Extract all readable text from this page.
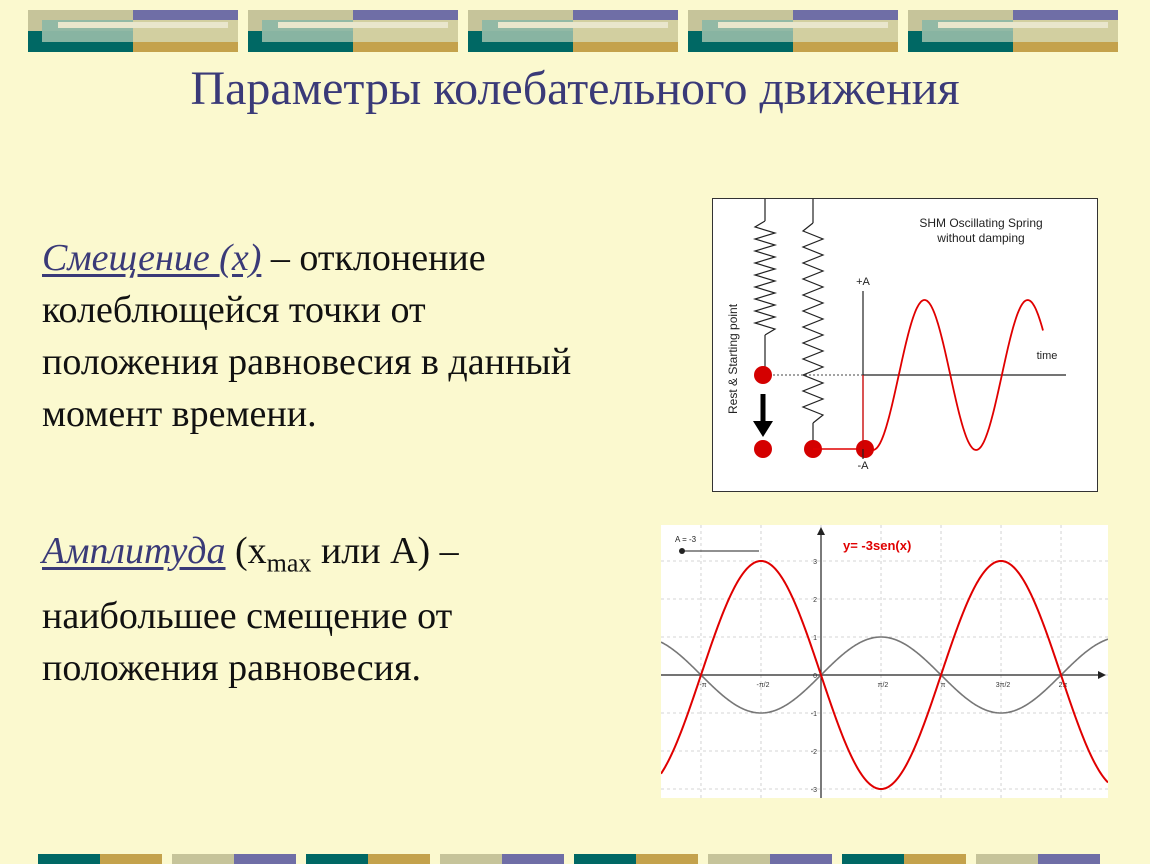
Параметры колебательного движения
Смещение (х) – отклонение
колеблющейся точки от
положения равновесия в данный
момент времени.
Амплитуда ($x_{max}$ или А) –
наибольшее смещение от
положения равновесия.
SHM Oscillating Spring
without damping
Rest & Starting point
+A
-A
time
3
2
1
0
-1
-2
-3
-π	-π/2	π/2	π	3π/2	2π
A = -3	y= -3sen(x)
